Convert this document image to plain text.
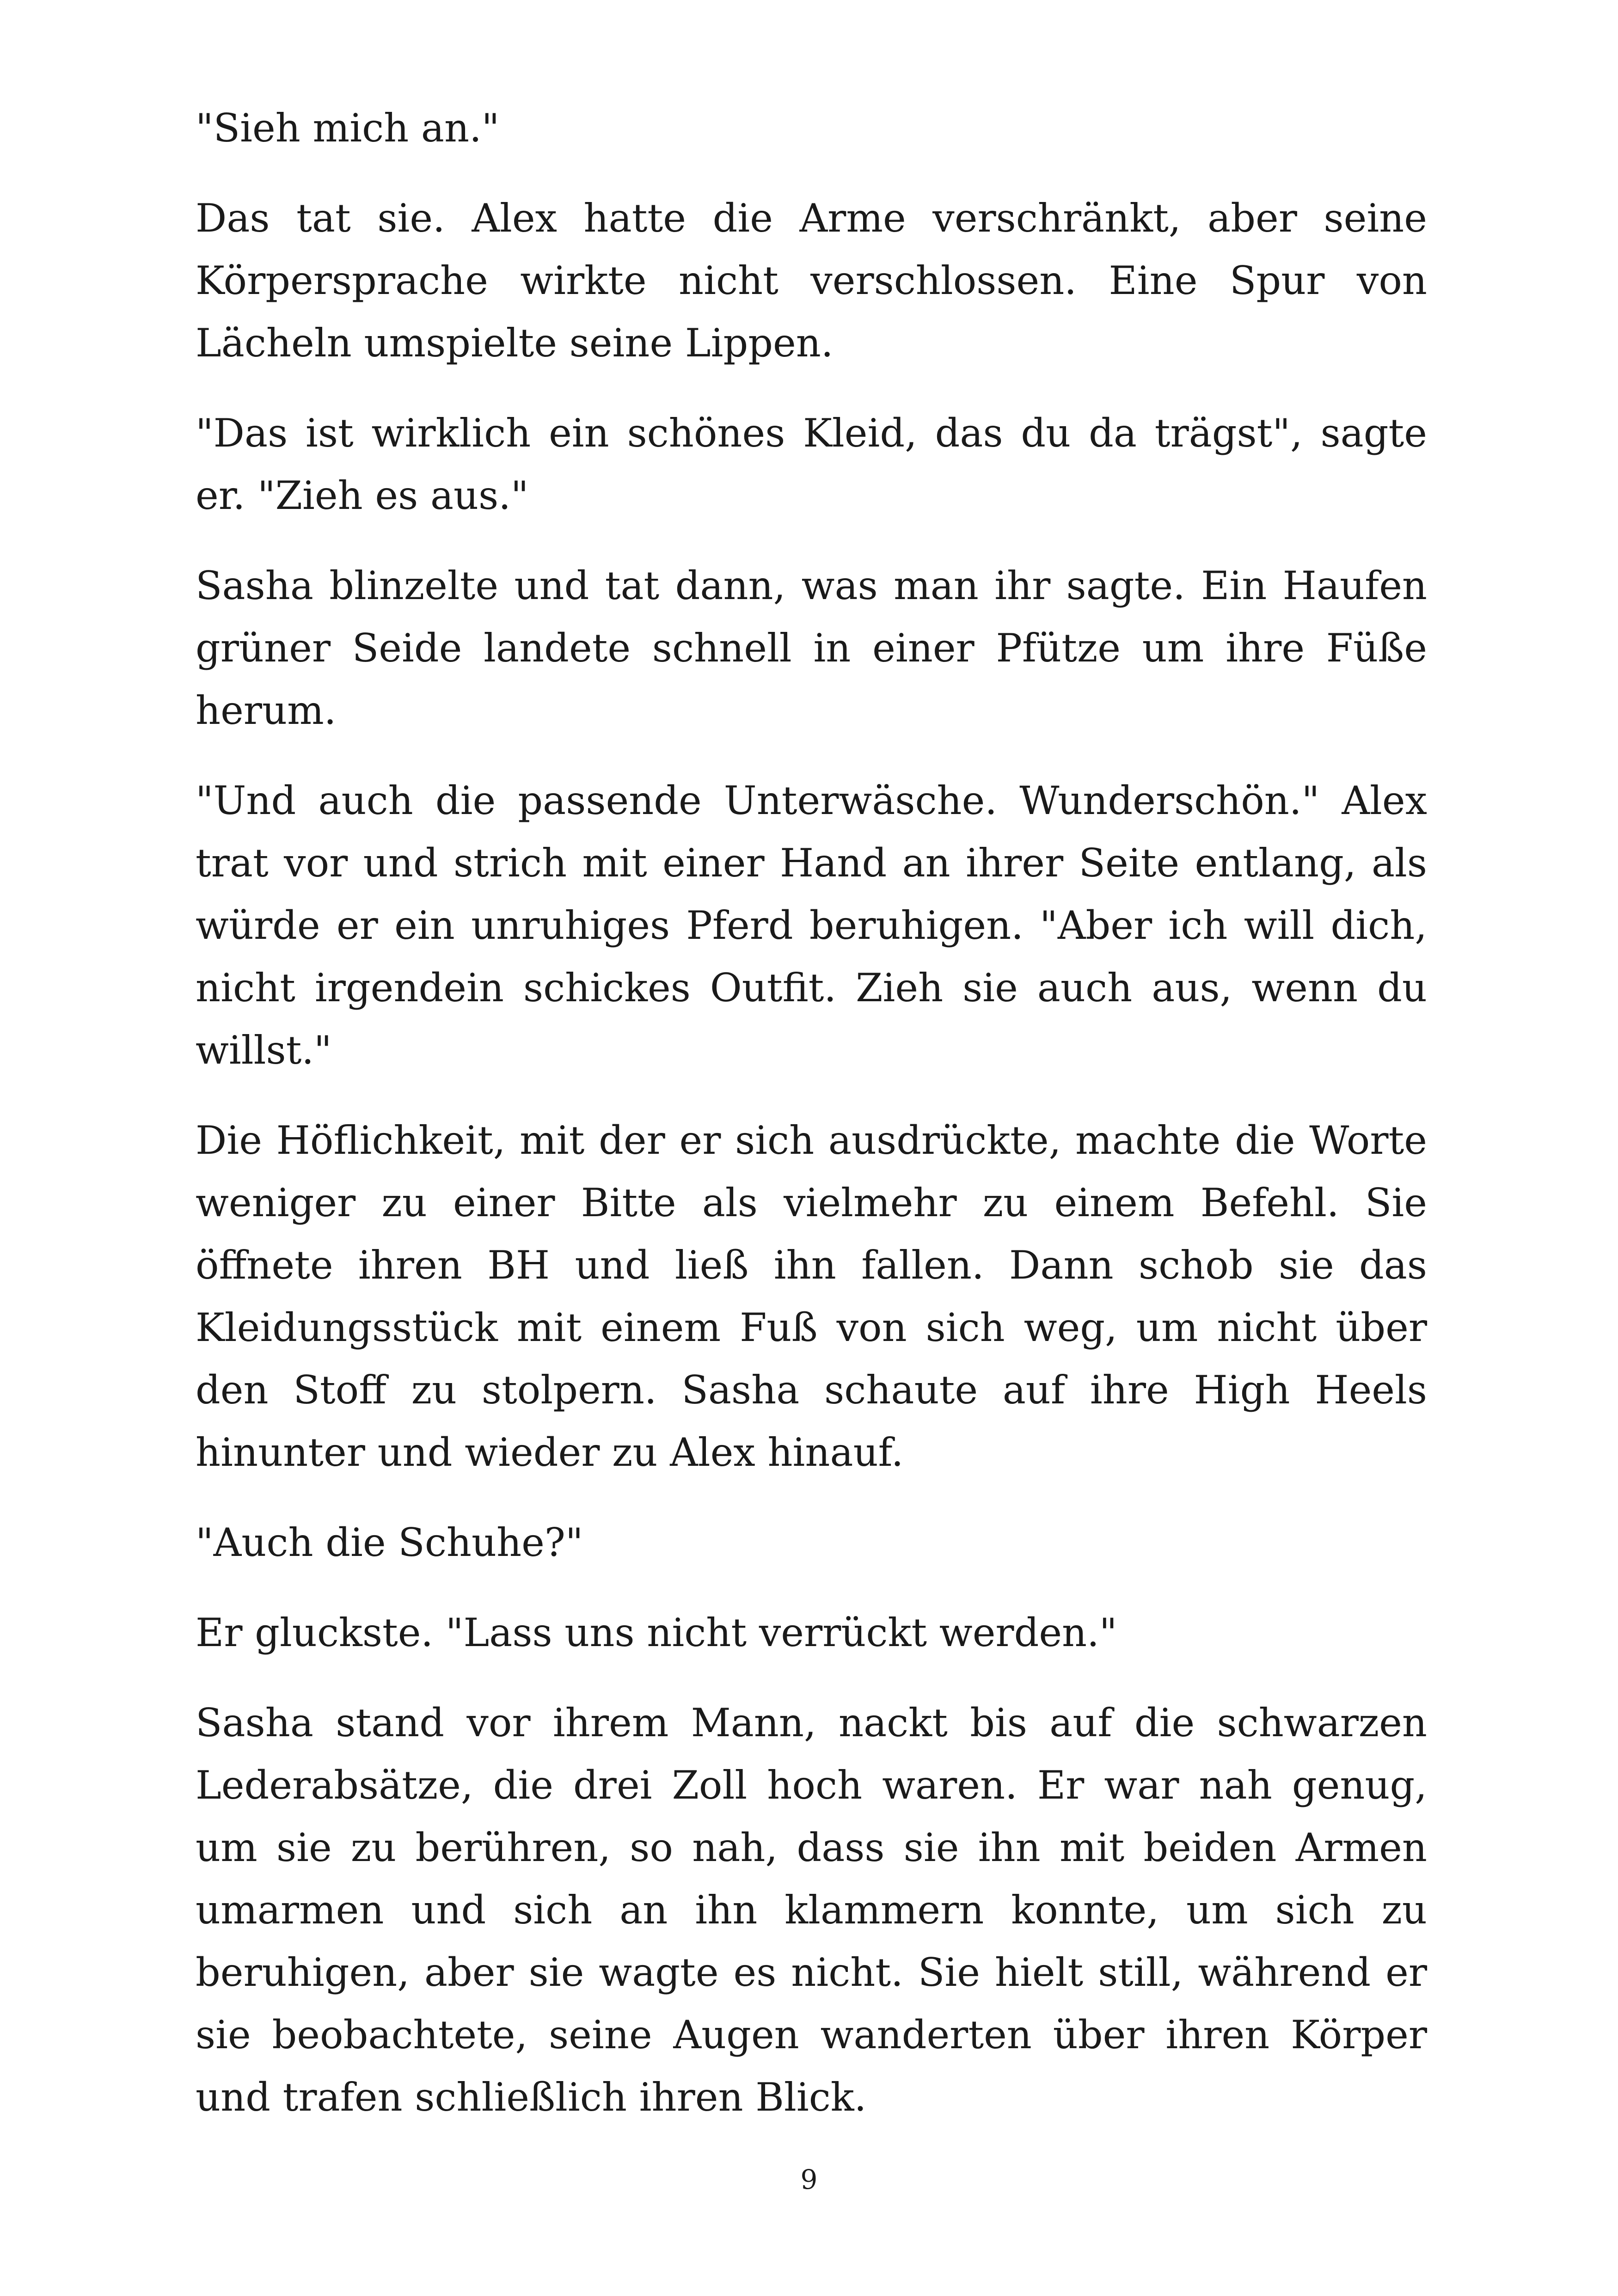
"Sieh mich an."

Das tat sie. Alex hatte die Arme verschränkt, aber seine Körpersprache wirkte nicht verschlossen. Eine Spur von Lächeln umspielte seine Lippen.

"Das ist wirklich ein schönes Kleid, das du da trägst", sagte er. "Zieh es aus."

Sasha blinzelte und tat dann, was man ihr sagte. Ein Haufen grüner Seide landete schnell in einer Pfütze um ihre Füße herum.

"Und auch die passende Unterwäsche. Wunderschön." Alex trat vor und strich mit einer Hand an ihrer Seite entlang, als würde er ein unruhiges Pferd beruhigen. "Aber ich will dich, nicht irgendein schickes Outfit. Zieh sie auch aus, wenn du willst."

Die Höflichkeit, mit der er sich ausdrückte, machte die Worte weniger zu einer Bitte als vielmehr zu einem Befehl. Sie öffnete ihren BH und ließ ihn fallen. Dann schob sie das Kleidungsstück mit einem Fuß von sich weg, um nicht über den Stoff zu stolpern. Sasha schaute auf ihre High Heels hinunter und wieder zu Alex hinauf.

"Auch die Schuhe?"

Er gluckste. "Lass uns nicht verrückt werden."

Sasha stand vor ihrem Mann, nackt bis auf die schwarzen Lederabsätze, die drei Zoll hoch waren. Er war nah genug, um sie zu berühren, so nah, dass sie ihn mit beiden Armen umarmen und sich an ihn klammern konnte, um sich zu beruhigen, aber sie wagte es nicht. Sie hielt still, während er sie beobachtete, seine Augen wanderten über ihren Körper und trafen schließlich ihren Blick.

9
